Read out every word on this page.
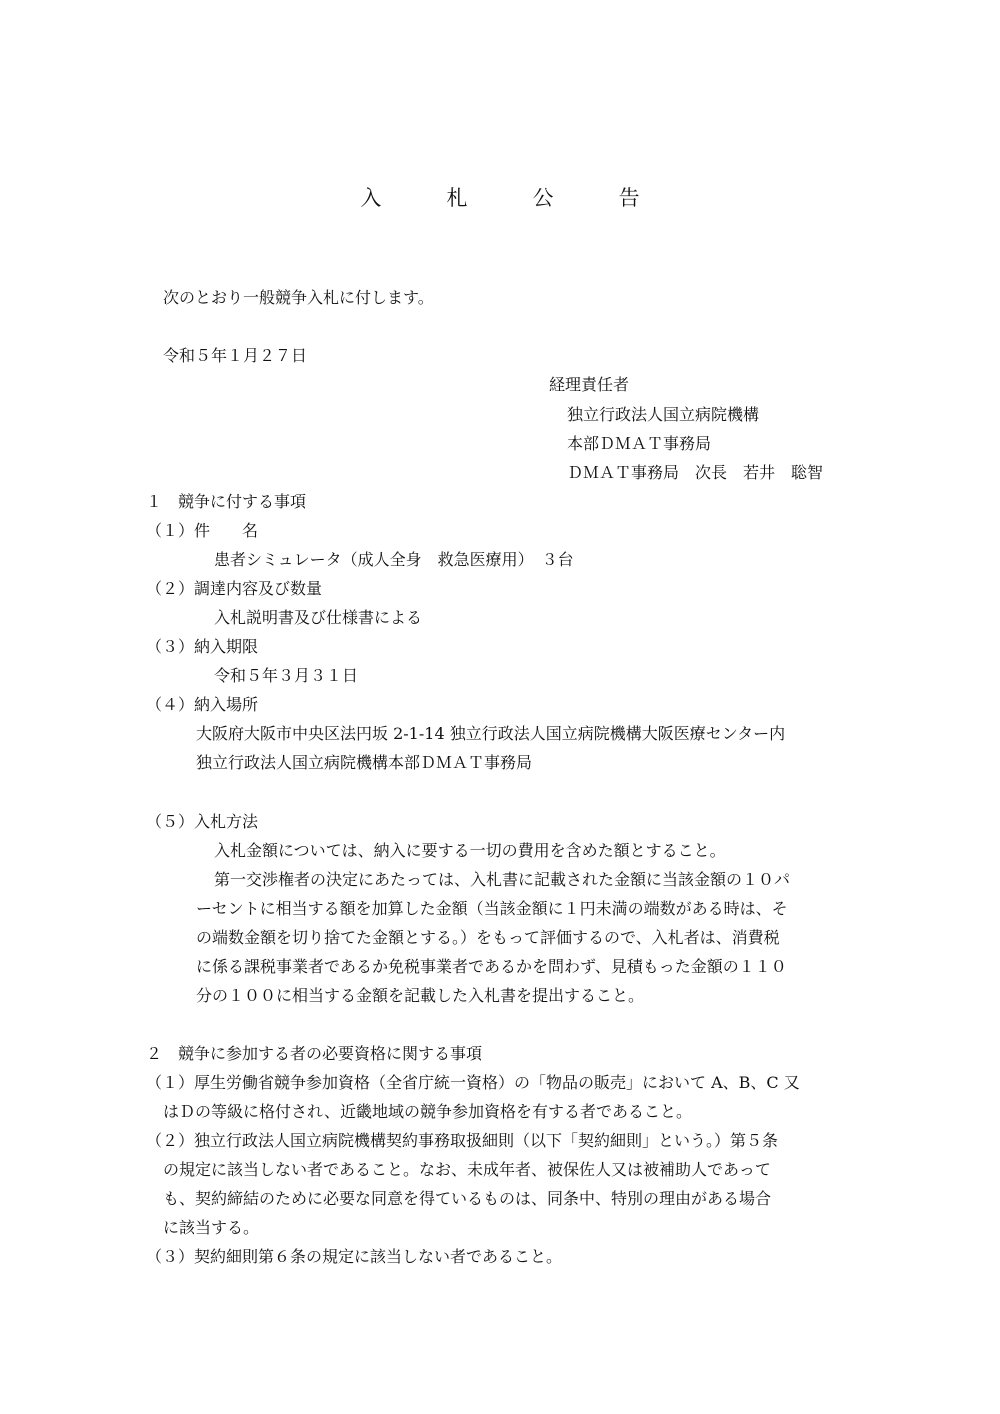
入　札　公　告
次のとおり一般競争入札に付します。
令和５年１月２７日
経理責任者
独立行政法人国立病院機構
本部ＤＭＡＴ事務局
ＤＭＡＴ事務局　次長　若井　聡智
１　競争に付する事項
（１）件　　名
患者シミュレータ（成人全身　救急医療用）　３台
（２）調達内容及び数量
入札説明書及び仕様書による
（３）納入期限
令和５年３月３１日
（４）納入場所
大阪府大阪市中央区法円坂 2-1-14 独立行政法人国立病院機構大阪医療センター内
独立行政法人国立病院機構本部ＤＭＡＴ事務局
（５）入札方法
入札金額については、納入に要する一切の費用を含めた額とすること。
第一交渉権者の決定にあたっては、入札書に記載された金額に当該金額の１０パ
ーセントに相当する額を加算した金額（当該金額に１円未満の端数がある時は、そ
の端数金額を切り捨てた金額とする。）をもって評価するので、入札者は、消費税
に係る課税事業者であるか免税事業者であるかを問わず、見積もった金額の１１０
分の１００に相当する金額を記載した入札書を提出すること。
２　競争に参加する者の必要資格に関する事項
（１）厚生労働省競争参加資格（全省庁統一資格）の「物品の販売」において A、B、C 又
はＤの等級に格付され、近畿地域の競争参加資格を有する者であること。
（２）独立行政法人国立病院機構契約事務取扱細則（以下「契約細則」という。）第５条
の規定に該当しない者であること。なお、未成年者、被保佐人又は被補助人であって
も、契約締結のために必要な同意を得ているものは、同条中、特別の理由がある場合
に該当する。
（３）契約細則第６条の規定に該当しない者であること。
